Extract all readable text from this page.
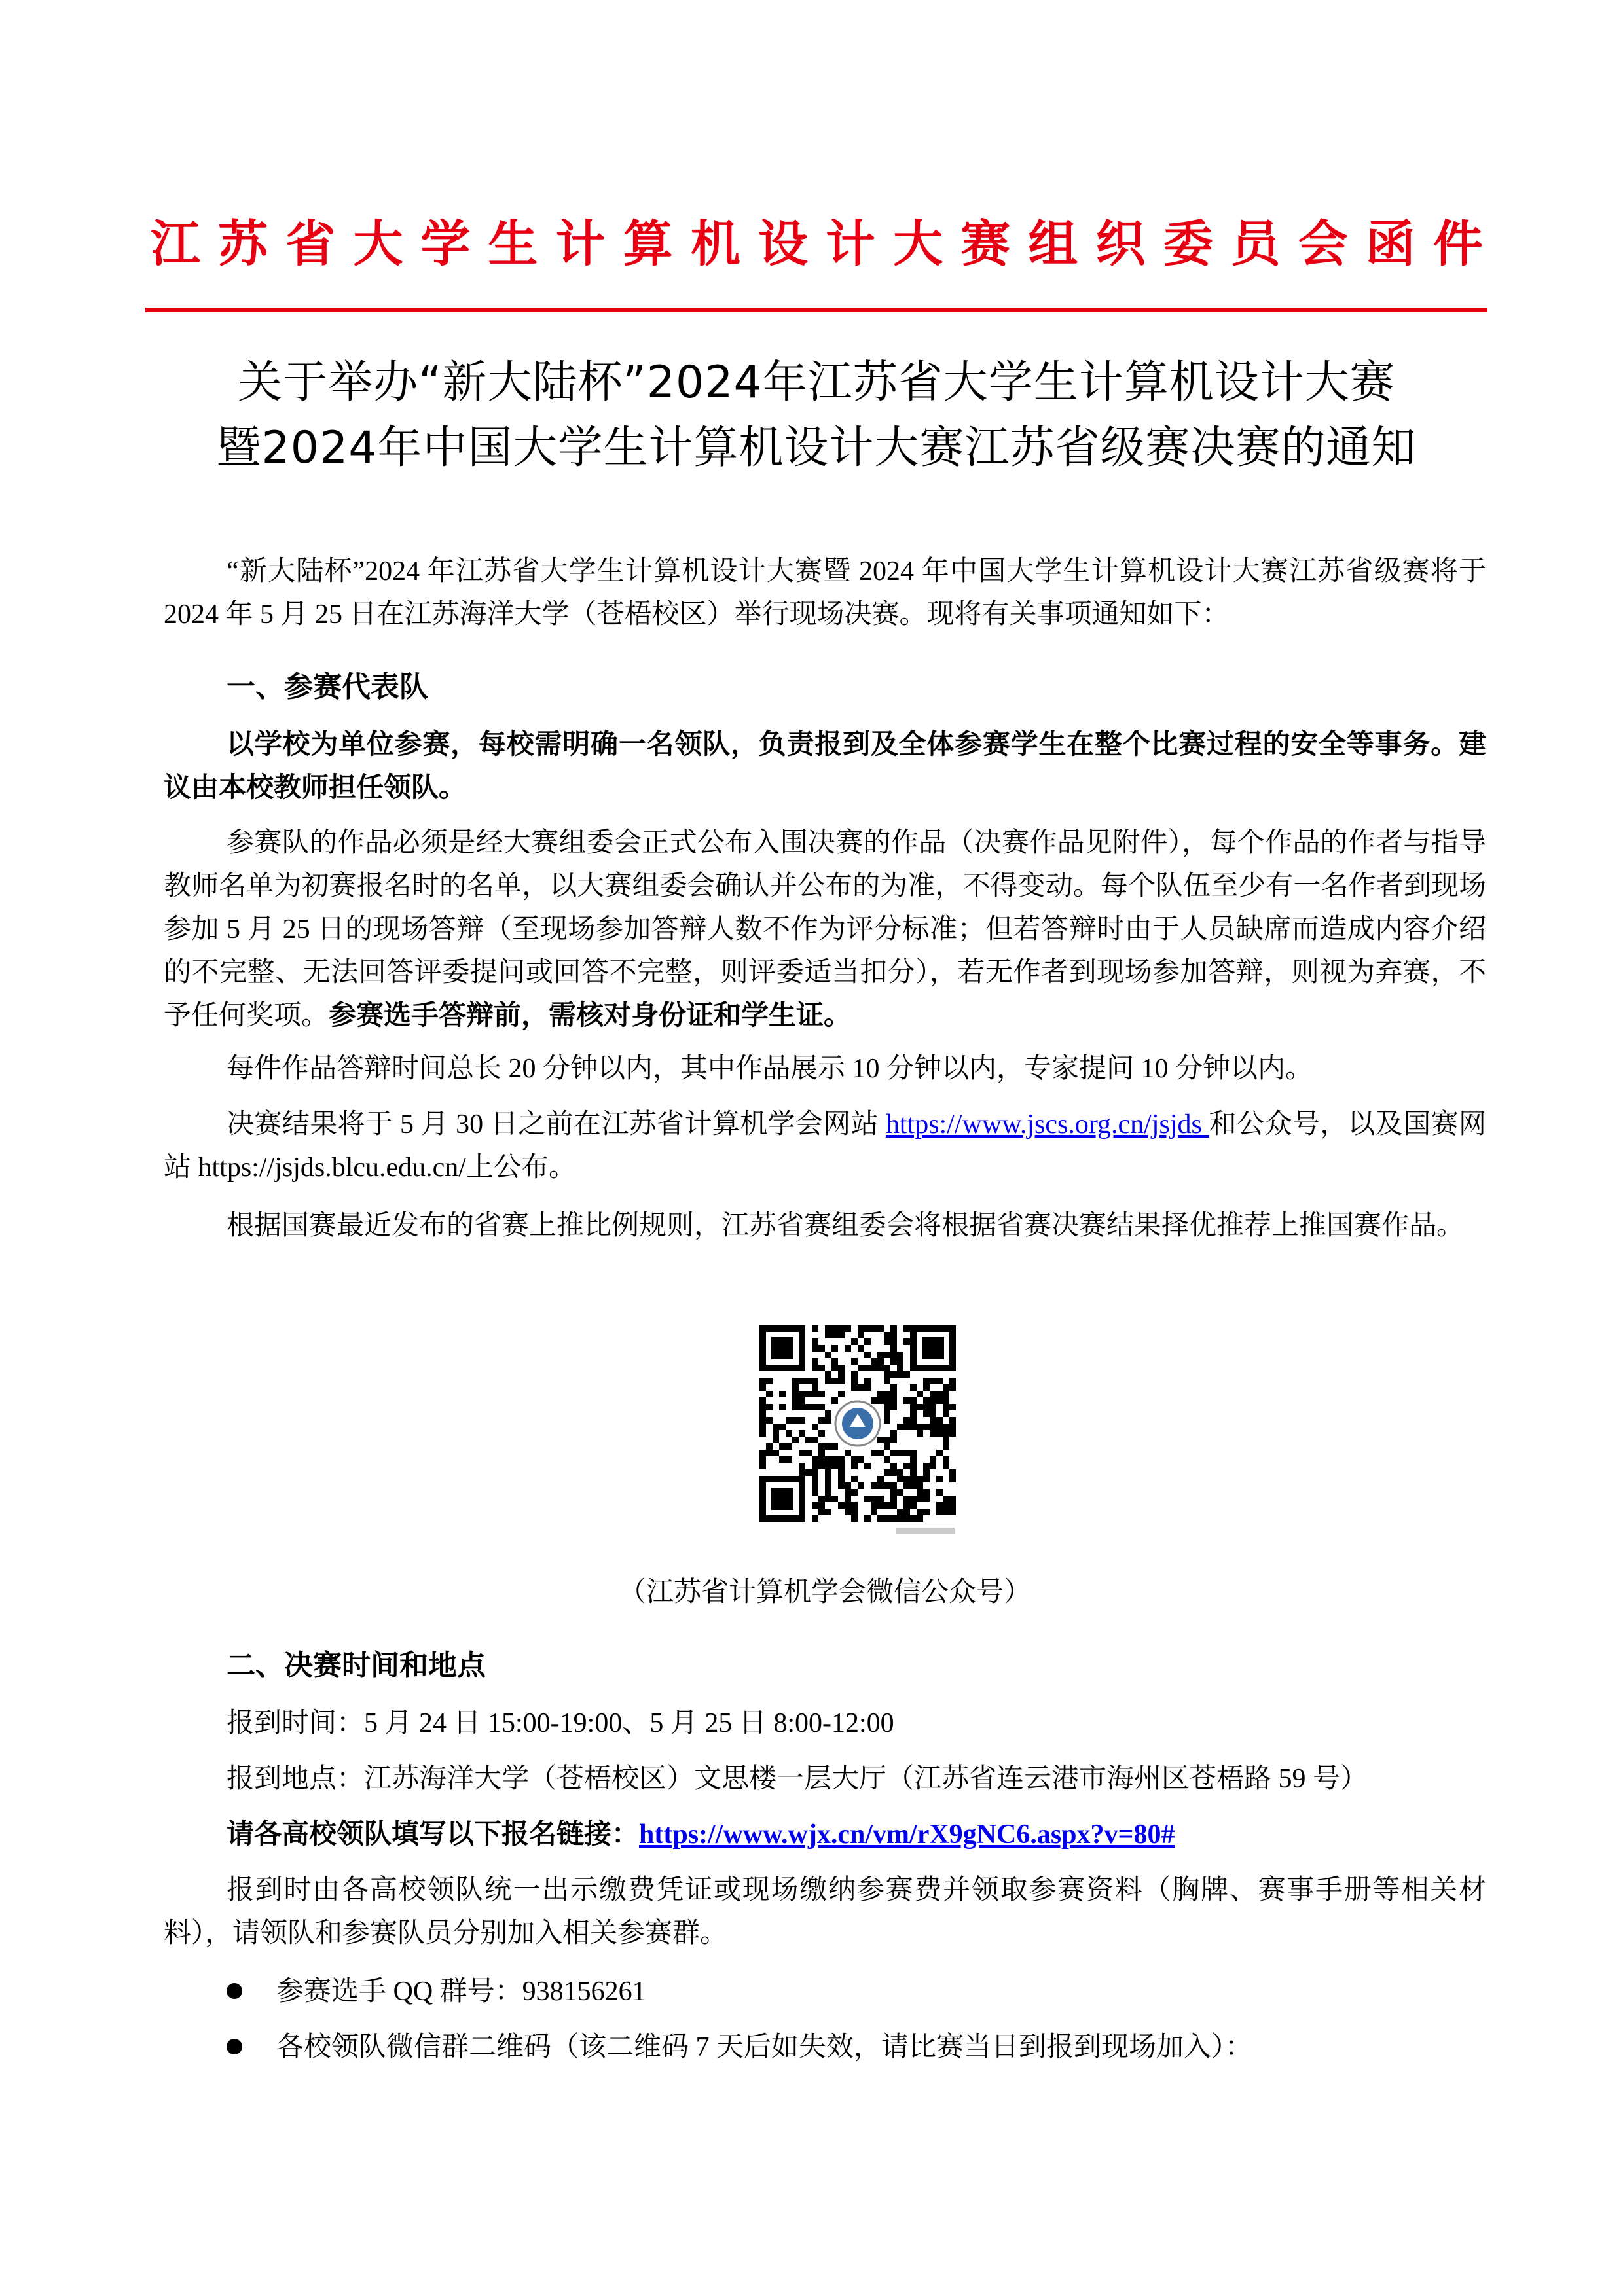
江苏省大学生计算机设计大赛组织委员会函件
关于举办“新大陆杯”2024年江苏省大学生计算机设计大赛
暨2024年中国大学生计算机设计大赛江苏省级赛决赛的通知
“新大陆杯”2024 年江苏省大学生计算机设计大赛暨 2024 年中国大学生计算机设计大赛江苏省级赛将于 2024 年 5 月 25 日在江苏海洋大学（苍梧校区）举行现场决赛。现将有关事项通知如下：
一、参赛代表队
以学校为单位参赛，每校需明确一名领队，负责报到及全体参赛学生在整个比赛过程的安全等事务。建议由本校教师担任领队。
参赛队的作品必须是经大赛组委会正式公布入围决赛的作品（决赛作品见附件），每个作品的作者与指导教师名单为初赛报名时的名单，以大赛组委会确认并公布的为准，不得变动。每个队伍至少有一名作者到现场参加 5 月 25 日的现场答辩（至现场参加答辩人数不作为评分标准；但若答辩时由于人员缺席而造成内容介绍的不完整、无法回答评委提问或回答不完整，则评委适当扣分），若无作者到现场参加答辩，则视为弃赛，不予任何奖项。参赛选手答辩前，需核对身份证和学生证。
每件作品答辩时间总长 20 分钟以内，其中作品展示 10 分钟以内，专家提问 10 分钟以内。
决赛结果将于 5 月 30 日之前在江苏省计算机学会网站 https://www.jscs.org.cn/jsjds 和公众号，以及国赛网站 https://jsjds.blcu.edu.cn/上公布。
根据国赛最近发布的省赛上推比例规则，江苏省赛组委会将根据省赛决赛结果择优推荐上推国赛作品。
（江苏省计算机学会微信公众号）
二、决赛时间和地点
报到时间：5 月 24 日 15:00-19:00、5 月 25 日 8:00-12:00
报到地点：江苏海洋大学（苍梧校区）文思楼一层大厅（江苏省连云港市海州区苍梧路 59 号）
请各高校领队填写以下报名链接：https://www.wjx.cn/vm/rX9gNC6.aspx?v=80#
报到时由各高校领队统一出示缴费凭证或现场缴纳参赛费并领取参赛资料（胸牌、赛事手册等相关材料），请领队和参赛队员分别加入相关参赛群。
参赛选手 QQ 群号：938156261
各校领队微信群二维码（该二维码 7 天后如失效，请比赛当日到报到现场加入）：
